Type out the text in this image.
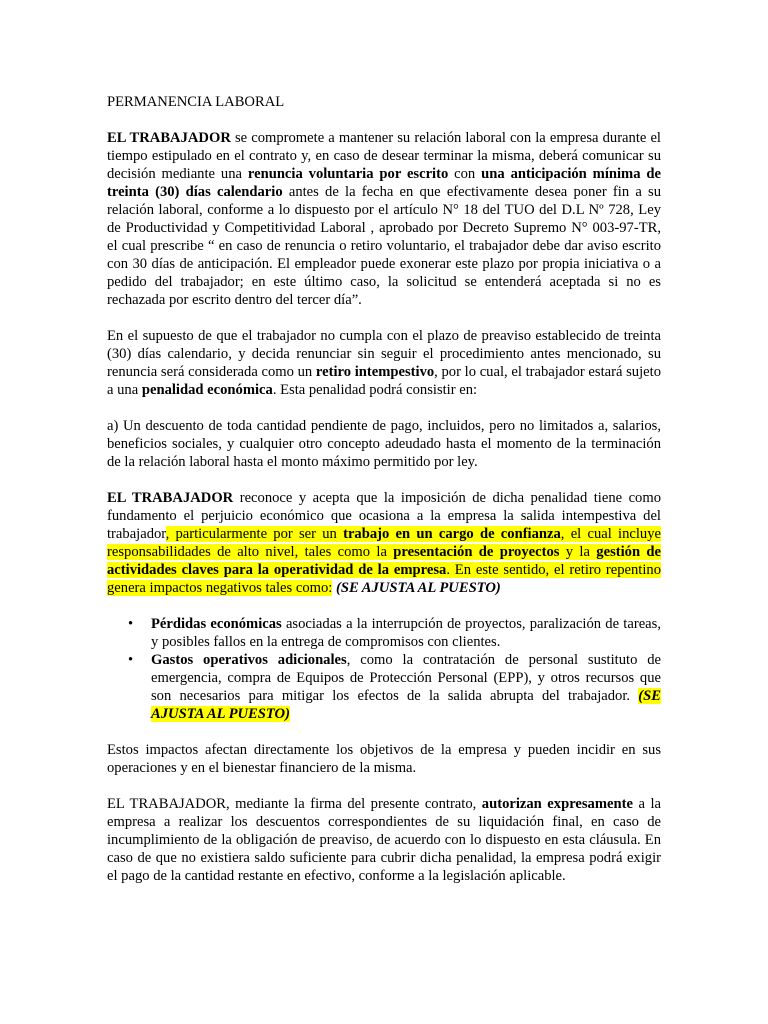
PERMANENCIA LABORAL
EL TRABAJADOR se compromete a mantener su relación laboral con la empresa durante el tiempo estipulado en el contrato y, en caso de desear terminar la misma, deberá comunicar su decisión mediante una renuncia voluntaria por escrito con una anticipación mínima de treinta (30) días calendario antes de la fecha en que efectivamente desea poner fin a su relación laboral, conforme a lo dispuesto por el artículo N° 18 del TUO del D.L Nº 728, Ley de Productividad y Competitividad Laboral , aprobado por Decreto Supremo N° 003-97-TR, el cual prescribe “ en caso de renuncia o retiro voluntario, el trabajador debe dar aviso escrito con 30 días de anticipación. El empleador puede exonerar este plazo por propia iniciativa o a pedido del trabajador; en este último caso, la solicitud se entenderá aceptada si no es rechazada por escrito dentro del tercer día”.
En el supuesto de que el trabajador no cumpla con el plazo de preaviso establecido de treinta (30) días calendario, y decida renunciar sin seguir el procedimiento antes mencionado, su renuncia será considerada como un retiro intempestivo, por lo cual, el trabajador estará sujeto a una penalidad económica. Esta penalidad podrá consistir en:
a) Un descuento de toda cantidad pendiente de pago, incluidos, pero no limitados a, salarios, beneficios sociales, y cualquier otro concepto adeudado hasta el momento de la terminación de la relación laboral hasta el monto máximo permitido por ley.
EL TRABAJADOR reconoce y acepta que la imposición de dicha penalidad tiene como fundamento el perjuicio económico que ocasiona a la empresa la salida intempestiva del trabajador, particularmente por ser un trabajo en un cargo de confianza, el cual incluye responsabilidades de alto nivel, tales como la presentación de proyectos y la gestión de actividades claves para la operatividad de la empresa. En este sentido, el retiro repentino genera impactos negativos tales como: (SE AJUSTA AL PUESTO)
• Pérdidas económicas asociadas a la interrupción de proyectos, paralización de tareas, y posibles fallos en la entrega de compromisos con clientes.
• Gastos operativos adicionales, como la contratación de personal sustituto de emergencia, compra de Equipos de Protección Personal (EPP), y otros recursos que son necesarios para mitigar los efectos de la salida abrupta del trabajador. (SE AJUSTA AL PUESTO)
Estos impactos afectan directamente los objetivos de la empresa y pueden incidir en sus operaciones y en el bienestar financiero de la misma.
EL TRABAJADOR, mediante la firma del presente contrato, autorizan expresamente a la empresa a realizar los descuentos correspondientes de su liquidación final, en caso de incumplimiento de la obligación de preaviso, de acuerdo con lo dispuesto en esta cláusula. En caso de que no existiera saldo suficiente para cubrir dicha penalidad, la empresa podrá exigir el pago de la cantidad restante en efectivo, conforme a la legislación aplicable.
